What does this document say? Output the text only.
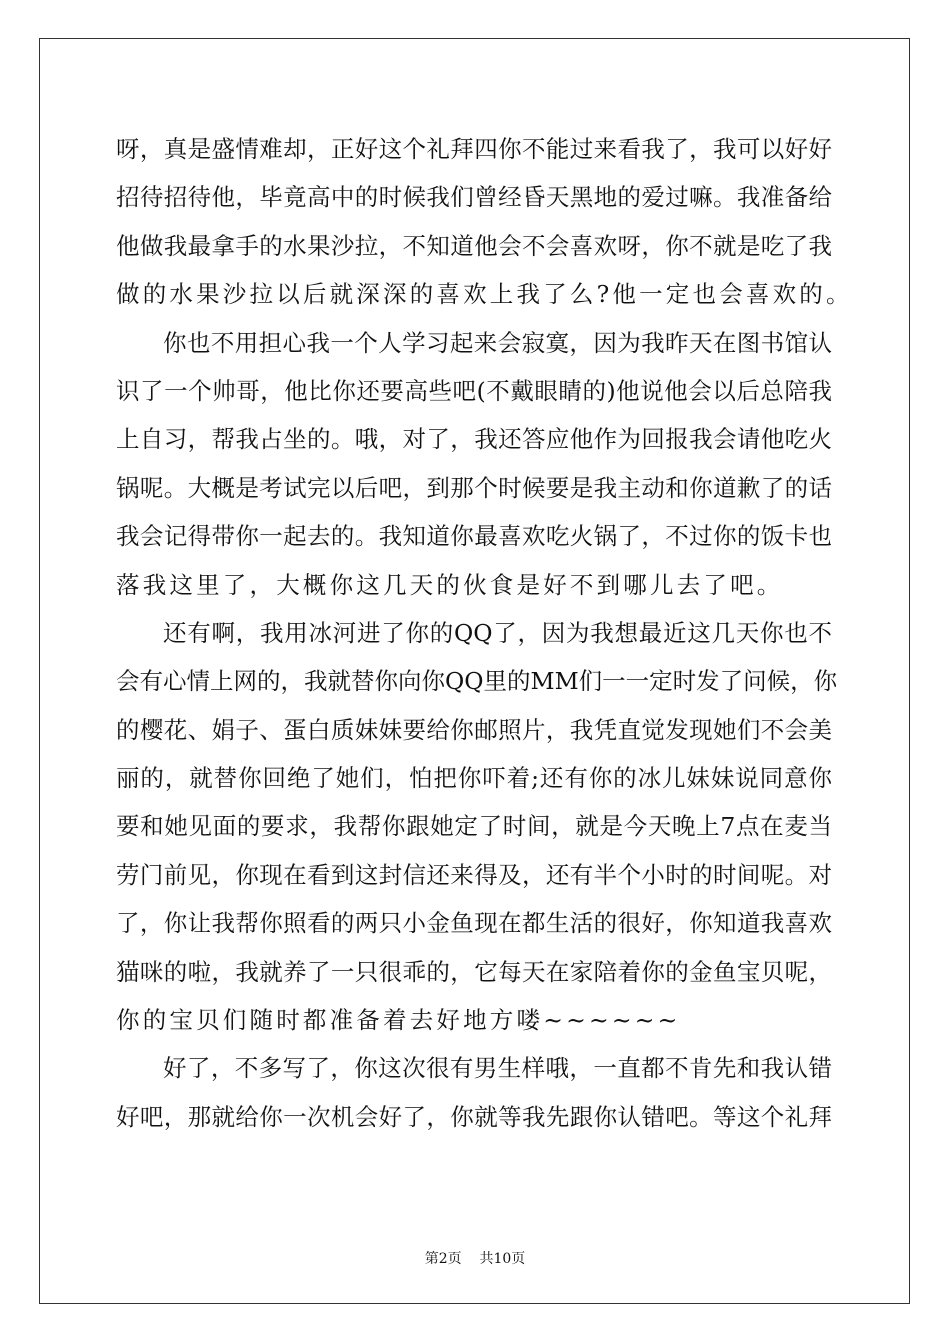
呀，真是盛情难却，正好这个礼拜四你不能过来看我了，我可以好好
招待招待他，毕竟高中的时候我们曾经昏天黑地的爱过嘛。我准备给
他做我最拿手的水果沙拉，不知道他会不会喜欢呀，你不就是吃了我
做的水果沙拉以后就深深的喜欢上我了么?他一定也会喜欢的。
你也不用担心我一个人学习起来会寂寞，因为我昨天在图书馆认
识了一个帅哥，他比你还要高些吧(不戴眼睛的)他说他会以后总陪我
上自习，帮我占坐的。哦，对了，我还答应他作为回报我会请他吃火
锅呢。大概是考试完以后吧，到那个时候要是我主动和你道歉了的话
我会记得带你一起去的。我知道你最喜欢吃火锅了，不过你的饭卡也
落我这里了，大概你这几天的伙食是好不到哪儿去了吧。
还有啊，我用冰河进了你的QQ了，因为我想最近这几天你也不
会有心情上网的，我就替你向你QQ里的MM们一一定时发了问候，你
的樱花、娟子、蛋白质妹妹要给你邮照片，我凭直觉发现她们不会美
丽的，就替你回绝了她们，怕把你吓着;还有你的冰儿妹妹说同意你
要和她见面的要求，我帮你跟她定了时间，就是今天晚上7点在麦当
劳门前见，你现在看到这封信还来得及，还有半个小时的时间呢。对
了，你让我帮你照看的两只小金鱼现在都生活的很好，你知道我喜欢
猫咪的啦，我就养了一只很乖的，它每天在家陪着你的金鱼宝贝呢，
你的宝贝们随时都准备着去好地方喽~~~~~~
好了，不多写了，你这次很有男生样哦，一直都不肯先和我认错
好吧，那就给你一次机会好了，你就等我先跟你认错吧。等这个礼拜
第2页    共10页
